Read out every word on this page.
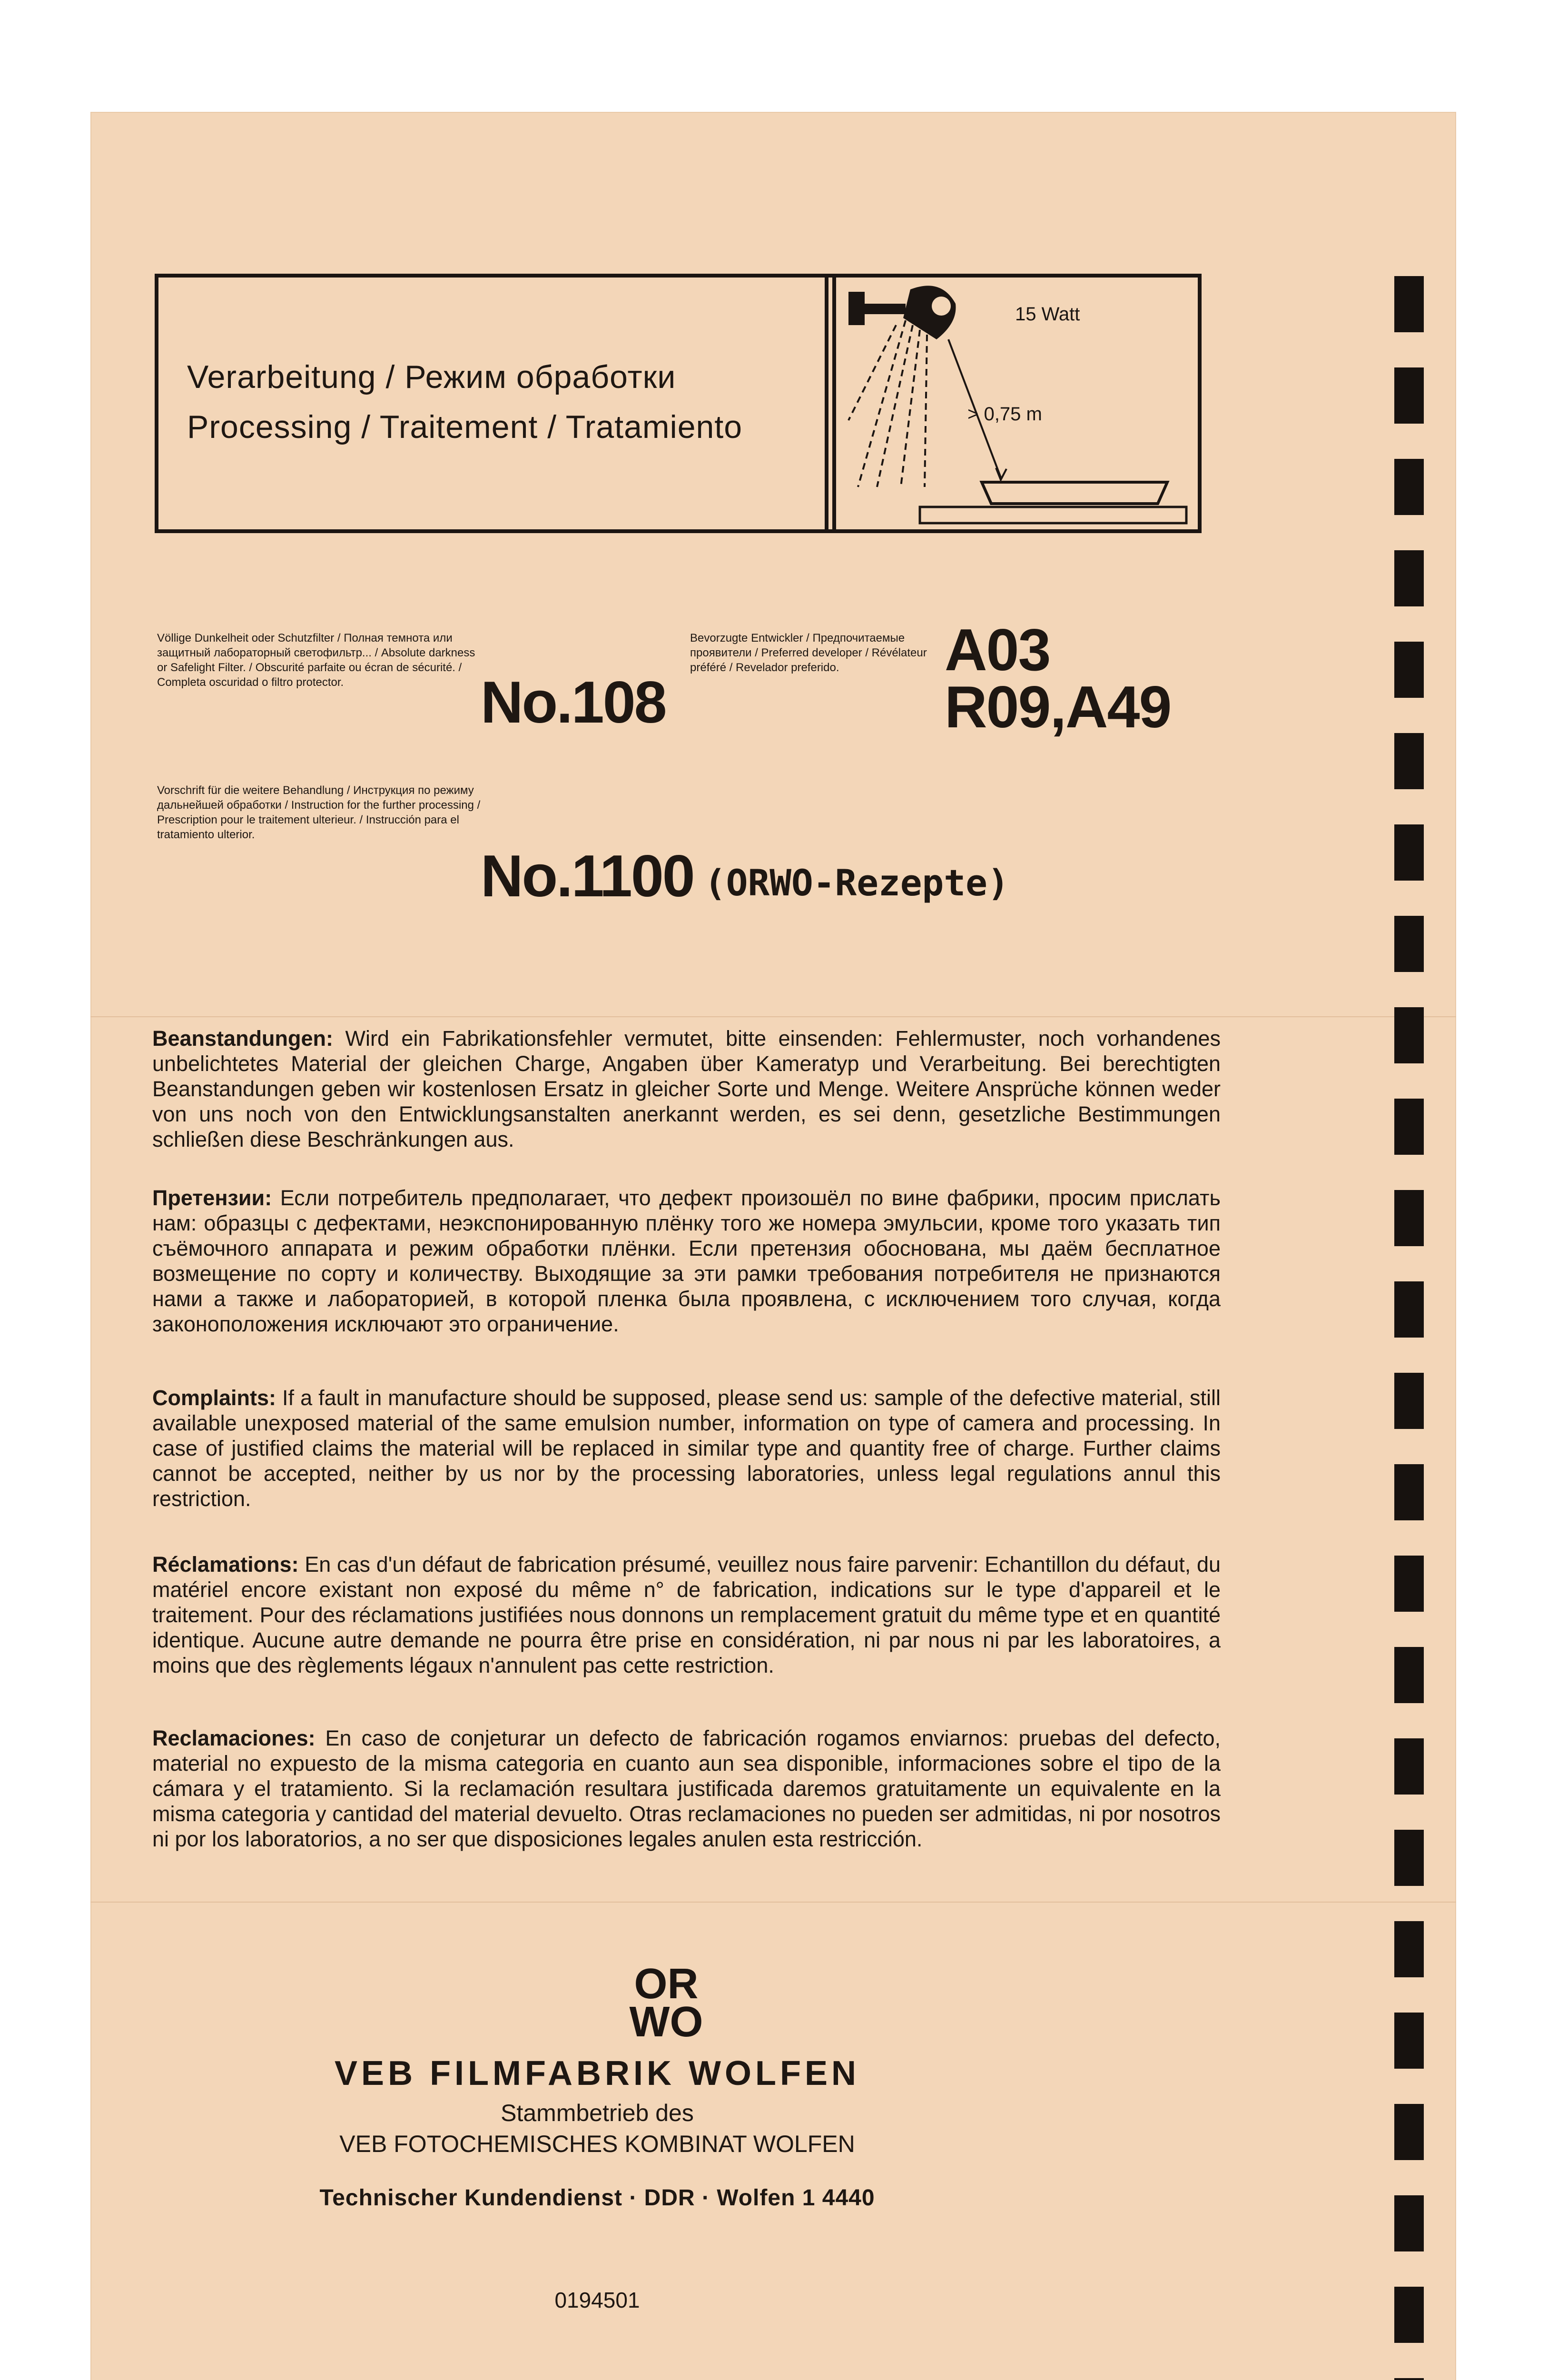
Verarbeitung / Режим обработки
Processing / Traitement / Tratamiento
15 Watt
> 0,75 m
Völlige Dunkelheit oder Schutzfilter / Полная темнота или защитный лабораторный светофильтр... / Absolute darkness or Safelight Filter. / Obscurité parfaite ou écran de sécurité. / Completa oscuridad o filtro protector.	No.108
Bevorzugte Entwickler / Предпочитаемые проявители / Preferred developer / Révélateur préféré / Revelador preferido.	A03
R09,A49
Vorschrift für die weitere Behandlung / Инструкция по режиму дальнейшей обработки / Instruction for the further processing / Prescription pour le traitement ulterieur. / Instrucción para el tratamiento ulterior.
No.1100 (ORWO-Rezepte)
Beanstandungen: Wird ein Fabrikationsfehler vermutet, bitte einsenden: Fehlermuster, noch vorhandenes unbelichtetes Material der gleichen Charge, Angaben über Kameratyp und Verarbeitung. Bei berechtigten Beanstandungen geben wir kostenlosen Ersatz in gleicher Sorte und Menge. Weitere Ansprüche können weder von uns noch von den Entwicklungsanstalten anerkannt werden, es sei denn, gesetzliche Bestimmungen schließen diese Beschränkungen aus.
Претензии: Если потребитель предполагает, что дефект произошёл по вине фабрики, просим прислать нам: образцы с дефектами, неэкспонированную плёнку того же номера эмульсии, кроме того указать тип съёмочного аппарата и режим обработки плёнки. Если претензия обоснована, мы даём бесплатное возмещение по сорту и количеству. Выходящие за эти рамки требования потребителя не признаются нами а также и лабораторией, в которой пленка была проявлена, с исключением того случая, когда законоположения исключают это ограничение.
Complaints: If a fault in manufacture should be supposed, please send us: sample of the defective material, still available unexposed material of the same emulsion number, information on type of camera and processing. In case of justified claims the material will be replaced in similar type and quantity free of charge. Further claims cannot be accepted, neither by us nor by the processing laboratories, unless legal regulations annul this restriction.
Réclamations: En cas d'un défaut de fabrication présumé, veuillez nous faire parvenir: Echantillon du défaut, du matériel encore existant non exposé du même n° de fabrication, indications sur le type d'appareil et le traitement. Pour des réclamations justifiées nous donnons un remplacement gratuit du même type et en quantité identique. Aucune autre demande ne pourra être prise en considération, ni par nous ni par les laboratoires, a moins que des règlements légaux n'annulent pas cette restriction.
Reclamaciones: En caso de conjeturar un defecto de fabricación rogamos enviarnos: pruebas del defecto, material no expuesto de la misma categoria en cuanto aun sea disponible, informaciones sobre el tipo de la cámara y el tratamiento. Si la reclamación resultara justificada daremos gratuitamente un equivalente en la misma categoria y cantidad del material devuelto. Otras reclamaciones no pueden ser admitidas, ni por nosotros ni por los laboratorios, a no ser que disposiciones legales anulen esta restricción.
OR
WO
VEB FILMFABRIK WOLFEN
Stammbetrieb des
VEB FOTOCHEMISCHES KOMBINAT WOLFEN
Technischer Kundendienst · DDR · Wolfen 1 4440
0194501
